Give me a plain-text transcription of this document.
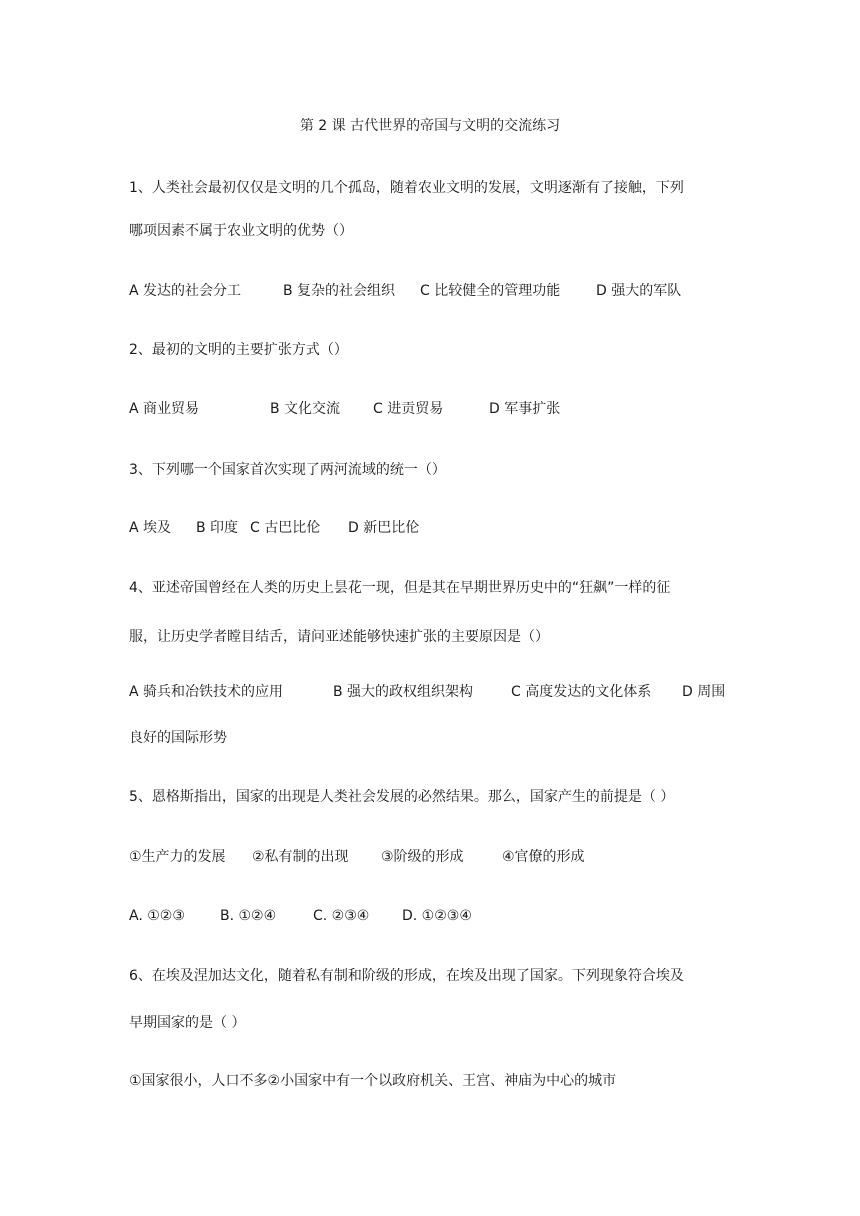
第 2 课 古代世界的帝国与文明的交流练习
1、人类社会最初仅仅是文明的几个孤岛，随着农业文明的发展，文明逐渐有了接触，下列
哪项因素不属于农业文明的优势（）
A 发达的社会分工	B 复杂的社会组织 C 比较健全的管理功能	D 强大的军队
2、最初的文明的主要扩张方式（）
A 商业贸易	B 文化交流 C 进贡贸易	D 军事扩张
3、下列哪一个国家首次实现了两河流域的统一（）
A 埃及 B 印度 C 古巴比伦 D 新巴比伦
4、亚述帝国曾经在人类的历史上昙花一现，但是其在早期世界历史中的“狂飙”一样的征
服，让历史学者瞠目结舌，请问亚述能够快速扩张的主要原因是（）
A 骑兵和冶铁技术的应用	B 强大的政权组织架构	C 高度发达的文化体系 D 周围
良好的国际形势
5、恩格斯指出，国家的出现是人类社会发展的必然结果。那么，国家产生的前提是（ ）
①生产力的发展 ②私有制的出现 ③阶级的形成	④官僚的形成
A. ①②③	B. ①②④	C. ②③④ D. ①②③④
6、在埃及涅加达文化，随着私有制和阶级的形成，在埃及出现了国家。下列现象符合埃及
早期国家的是（ ）
①国家很小，人口不多②小国家中有一个以政府机关、王宫、神庙为中心的城市
